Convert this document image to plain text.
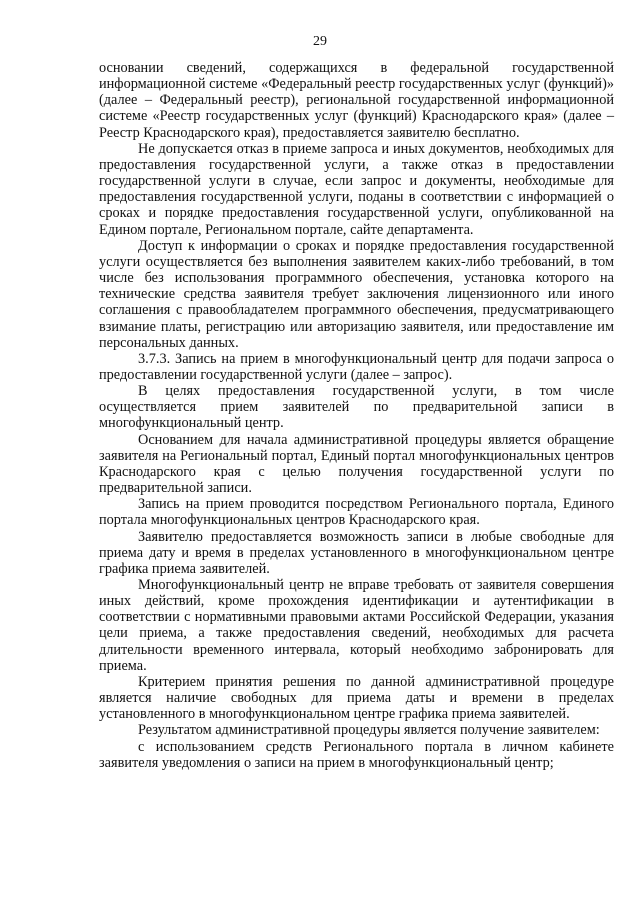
29

основании сведений, содержащихся в федеральной государственной информационной системе «Федеральный реестр государственных услуг (функций)» (далее – Федеральный реестр), региональной государственной информационной системе «Реестр государственных услуг (функций) Краснодарского края» (далее – Реестр Краснодарского края), предоставляется заявителю бесплатно.

Не допускается отказ в приеме запроса и иных документов, необходимых для предоставления государственной услуги, а также отказ в предоставлении государственной услуги в случае, если запрос и документы, необходимые для предоставления государственной услуги, поданы в соответствии с информацией о сроках и порядке предоставления государственной услуги, опубликованной на Едином портале, Региональном портале, сайте департамента.

Доступ к информации о сроках и порядке предоставления государственной услуги осуществляется без выполнения заявителем каких-либо требований, в том числе без использования программного обеспечения, установка которого на технические средства заявителя требует заключения лицензионного или иного соглашения с правообладателем программного обеспечения, предусматривающего взимание платы, регистрацию или авторизацию заявителя, или предоставление им персональных данных.

3.7.3. Запись на прием в многофункциональный центр для подачи запроса о предоставлении государственной услуги (далее – запрос).

В целях предоставления государственной услуги, в том числе осуществляется прием заявителей по предварительной записи в многофункциональный центр.

Основанием для начала административной процедуры является обращение заявителя на Региональный портал, Единый портал многофункциональных центров Краснодарского края с целью получения государственной услуги по предварительной записи.

Запись на прием проводится посредством Регионального портала, Единого портала многофункциональных центров Краснодарского края.

Заявителю предоставляется возможность записи в любые свободные для приема дату и время в пределах установленного в многофункциональном центре графика приема заявителей.

Многофункциональный центр не вправе требовать от заявителя совершения иных действий, кроме прохождения идентификации и аутентификации в соответствии с нормативными правовыми актами Российской Федерации, указания цели приема, а также предоставления сведений, необходимых для расчета длительности временного интервала, который необходимо забронировать для приема.

Критерием принятия решения по данной административной процедуре является наличие свободных для приема даты и времени в пределах установленного в многофункциональном центре графика приема заявителей.

Результатом административной процедуры является получение заявителем:

с использованием средств Регионального портала в личном кабинете заявителя уведомления о записи на прием в многофункциональный центр;
